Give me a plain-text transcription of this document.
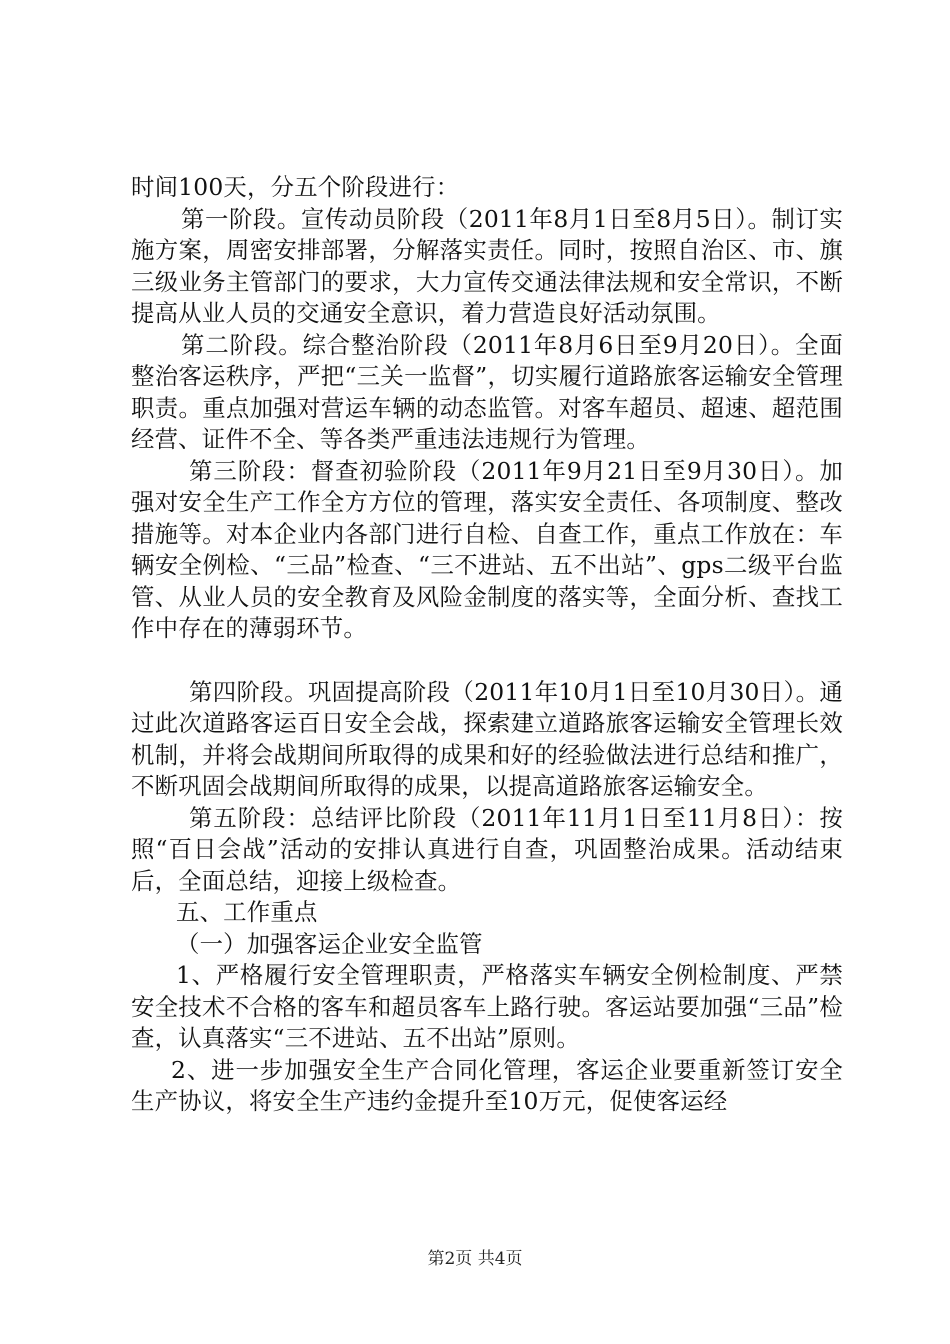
时间100天，分五个阶段进行：

第一阶段。宣传动员阶段（2011年8月1日至8月5日）。制订实施方案，周密安排部署，分解落实责任。同时，按照自治区、市、旗三级业务主管部门的要求，大力宣传交通法律法规和安全常识，不断提高从业人员的交通安全意识，着力营造良好活动氛围。

第二阶段。综合整治阶段（2011年8月6日至9月20日）。全面整治客运秩序，严把“三关一监督”，切实履行道路旅客运输安全管理职责。重点加强对营运车辆的动态监管。对客车超员、超速、超范围经营、证件不全、等各类严重违法违规行为管理。

第三阶段：督查初验阶段（2011年9月21日至9月30日）。加强对安全生产工作全方方位的管理，落实安全责任、各项制度、整改措施等。对本企业内各部门进行自检、自查工作，重点工作放在：车辆安全例检、“三品”检查、“三不进站、五不出站”、gps二级平台监管、从业人员的安全教育及风险金制度的落实等，全面分析、查找工作中存在的薄弱环节。

第四阶段。巩固提高阶段（2011年10月1日至10月30日）。通过此次道路客运百日安全会战，探索建立道路旅客运输安全管理长效机制，并将会战期间所取得的成果和好的经验做法进行总结和推广，不断巩固会战期间所取得的成果，以提高道路旅客运输安全。

第五阶段：总结评比阶段（2011年11月1日至11月8日）：按照“百日会战”活动的安排认真进行自查，巩固整治成果。活动结束后，全面总结，迎接上级检查。

五、工作重点

（一）加强客运企业安全监管

1、严格履行安全管理职责，严格落实车辆安全例检制度、严禁安全技术不合格的客车和超员客车上路行驶。客运站要加强“三品”检查，认真落实“三不进站、五不出站”原则。

2、进一步加强安全生产合同化管理，客运企业要重新签订安全生产协议，将安全生产违约金提升至10万元，促使客运经

第2页 共4页
